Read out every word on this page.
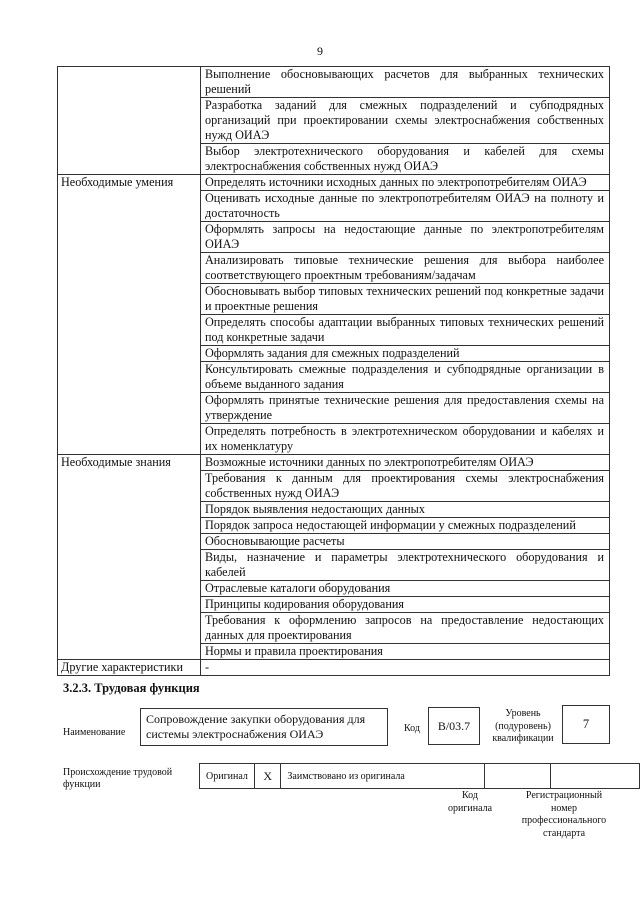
9
	Выполнение обосновывающих расчетов для выбранных технических решений
	Разработка заданий для смежных подразделений и субподрядных организаций при проектировании схемы электроснабжения собственных нужд ОИАЭ
	Выбор электротехнического оборудования и кабелей для схемы электроснабжения собственных нужд ОИАЭ
Необходимые умения	Определять источники исходных данных по электропотребителям ОИАЭ
	Оценивать исходные данные по электропотребителям ОИАЭ на полноту и достаточность
	Оформлять запросы на недостающие данные по электропотребителям ОИАЭ
	Анализировать типовые технические решения для выбора наиболее соответствующего проектным требованиям/задачам
	Обосновывать выбор типовых технических решений под конкретные задачи и проектные решения
	Определять способы адаптации выбранных типовых технических решений под конкретные задачи
	Оформлять задания для смежных подразделений
	Консультировать смежные подразделения и субподрядные организации в объеме выданного задания
	Оформлять принятые технические решения для предоставления схемы на утверждение
	Определять потребность в электротехническом оборудовании и кабелях и их номенклатуру
Необходимые знания	Возможные источники данных по электропотребителям ОИАЭ
	Требования к данным для проектирования схемы электроснабжения собственных нужд ОИАЭ
	Порядок выявления недостающих данных
	Порядок запроса недостающей информации у смежных подразделений
	Обосновывающие расчеты
	Виды, назначение и параметры электротехнического оборудования и кабелей
	Отраслевые каталоги оборудования
	Принципы кодирования оборудования
	Требования к оформлению запросов на предоставление недостающих данных для проектирования
	Нормы и правила проектирования
Другие характеристики	-
3.2.3. Трудовая функция
Наименование
Сопровождение закупки оборудования для системы электроснабжения ОИАЭ	Код	B/03.7
Уровень
(подуровень)
квалификации
7
Происхождение трудовой функции
Оригинал	X	Заимствовано из оригинала		
Код
оригинала
Регистрационный
номер
профессионального
стандарта
